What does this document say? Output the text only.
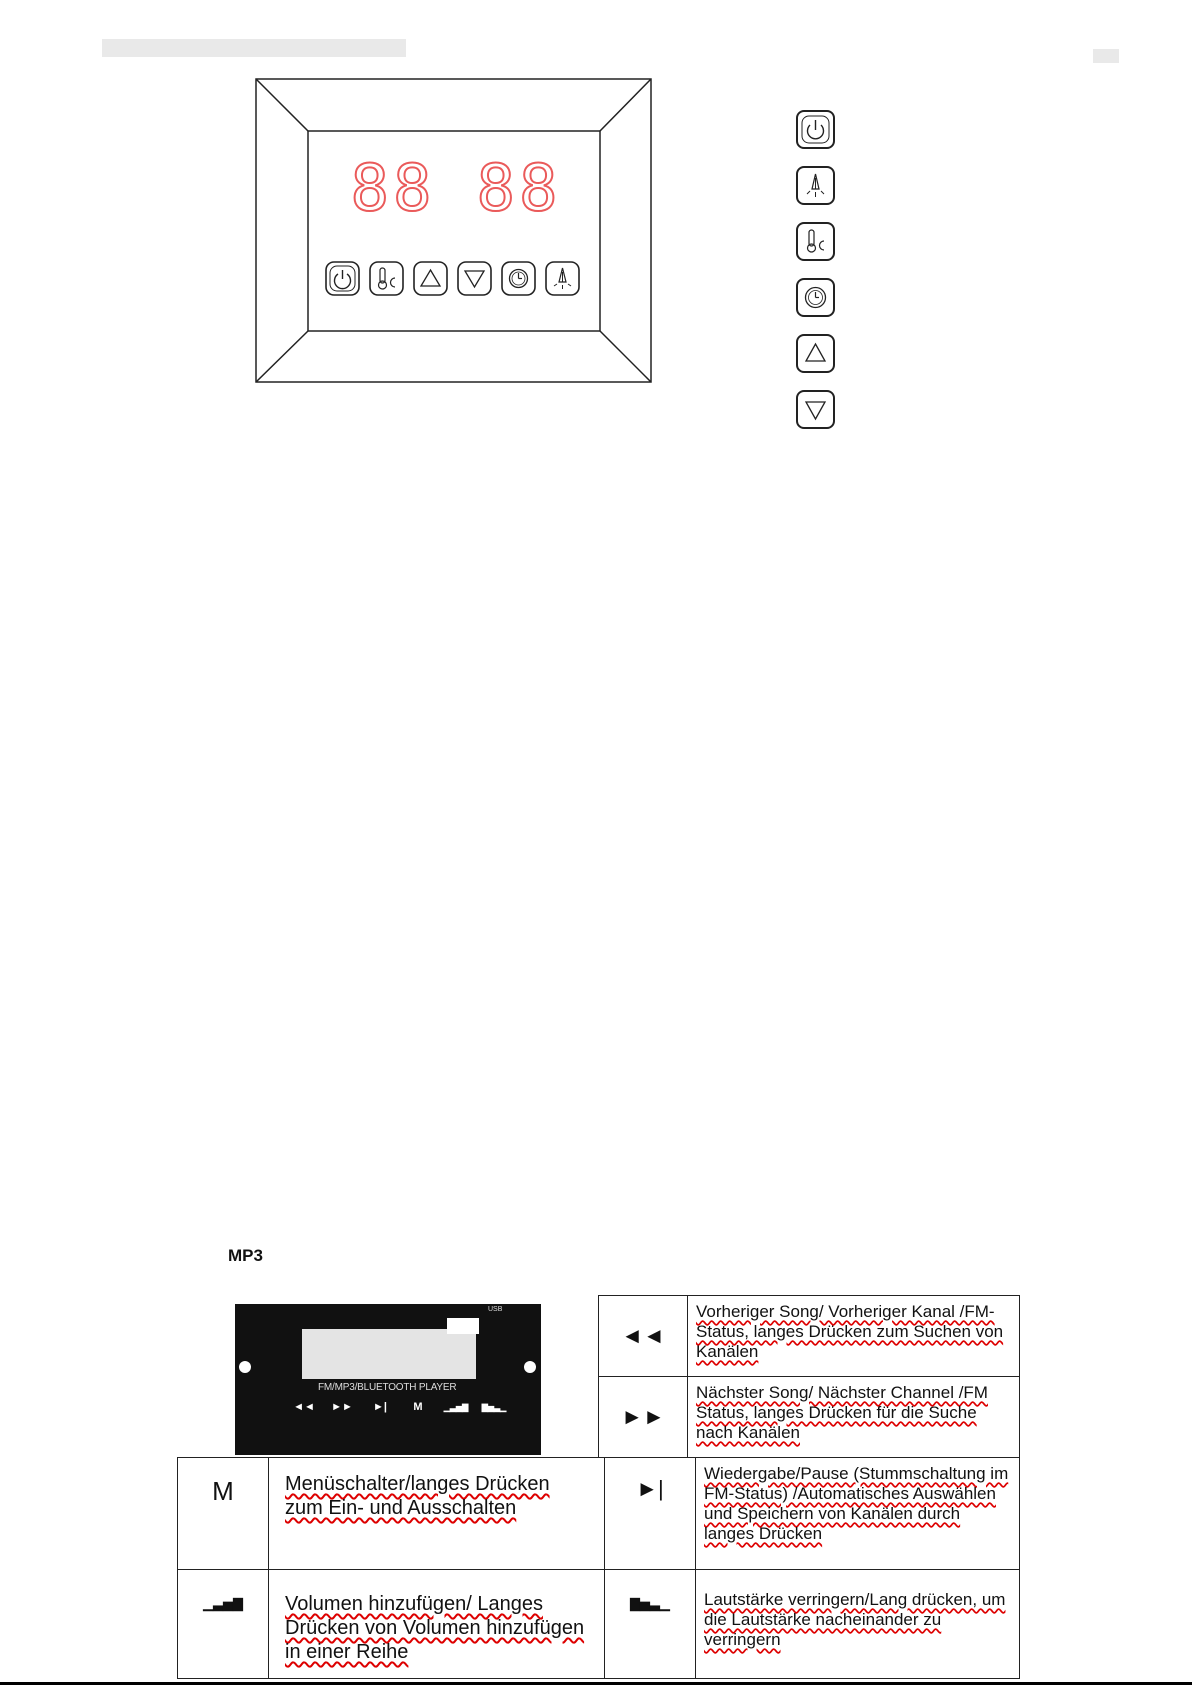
88 88
MP3
USB
FM/MP3/BLUETOOTH PLAYER
◄◄ ►► ►| M	▁▃▅▇ ▇▅▃▁
◄◄	Vorheriger Song/ Vorheriger Kanal /FM-Status, langes Drücken zum Suchen von Kanälen
►►	Nächster Song/ Nächster Channel /FM Status, langes Drücken für die Suche nach Kanälen
M	Menüschalter/langes Drücken zum Ein- und Ausschalten	►|	Wiedergabe/Pause (Stummschaltung im FM-Status) /Automatisches Auswählen und Speichern von Kanälen durch langes Drücken
▁▃▅▇	Volumen hinzufügen/ Langes Drücken von Volumen hinzufügen in einer Reihe	▇▅▃▁	Lautstärke verringern/Lang drücken, um die Lautstärke nacheinander zu verringern
